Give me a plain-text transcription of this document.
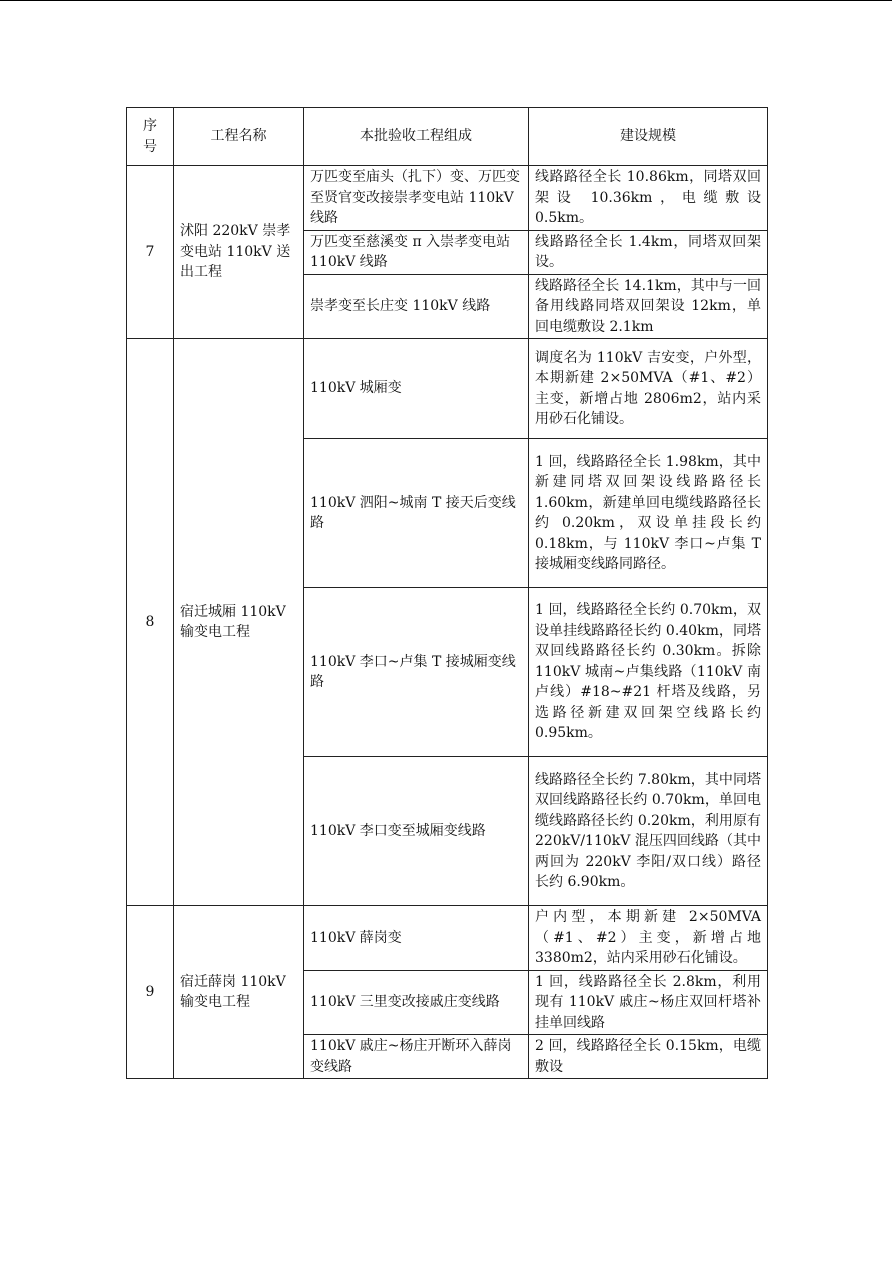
序
号	工程名称	本批验收工程组成	建设规模
7	沭阳 220kV 崇孝变电站 110kV 送出工程	万匹变至庙头（扎下）变、万匹变至贤官变改接崇孝变电站 110kV 线路	线路路径全长 10.86km，同塔双回架设 10.36km，电缆敷设 0.5km。
		万匹变至慈溪变 π 入崇孝变电站 110kV 线路	线路路径全长 1.4km，同塔双回架设。
		崇孝变至长庄变 110kV 线路	线路路径全长 14.1km，其中与一回备用线路同塔双回架设 12km，单回电缆敷设 2.1km
8	宿迁城厢 110kV 输变电工程	110kV 城厢变	调度名为 110kV 吉安变，户外型，本期新建 2×50MVA（#1、#2）主变，新增占地 2806m2，站内采用砂石化铺设。
		110kV 泗阳~城南 T 接天后变线路	1 回，线路路径全长 1.98km，其中新建同塔双回架设线路路径长 1.60km，新建单回电缆线路路径长约 0.20km，双设单挂段长约 0.18km，与 110kV 李口~卢集 T 接城厢变线路同路径。
		110kV 李口~卢集 T 接城厢变线路	1 回，线路路径全长约 0.70km，双设单挂线路路径长约 0.40km，同塔双回线路路径长约 0.30km。拆除 110kV 城南~卢集线路（110kV 南卢线）#18~#21 杆塔及线路，另选路径新建双回架空线路长约 0.95km。
		110kV 李口变至城厢变线路	线路路径全长约 7.80km，其中同塔双回线路路径长约 0.70km，单回电缆线路路径长约 0.20km，利用原有 220kV/110kV 混压四回线路（其中两回为 220kV 李阳/双口线）路径长约 6.90km。
9	宿迁薛岗 110kV 输变电工程	110kV 薛岗变	户内型，本期新建 2×50MVA（#1、#2）主变，新增占地 3380m2，站内采用砂石化铺设。
		110kV 三里变改接戚庄变线路	1 回，线路路径全长 2.8km，利用现有 110kV 戚庄~杨庄双回杆塔补挂单回线路
		110kV 戚庄~杨庄开断环入薛岗变线路	2 回，线路路径全长 0.15km，电缆敷设
